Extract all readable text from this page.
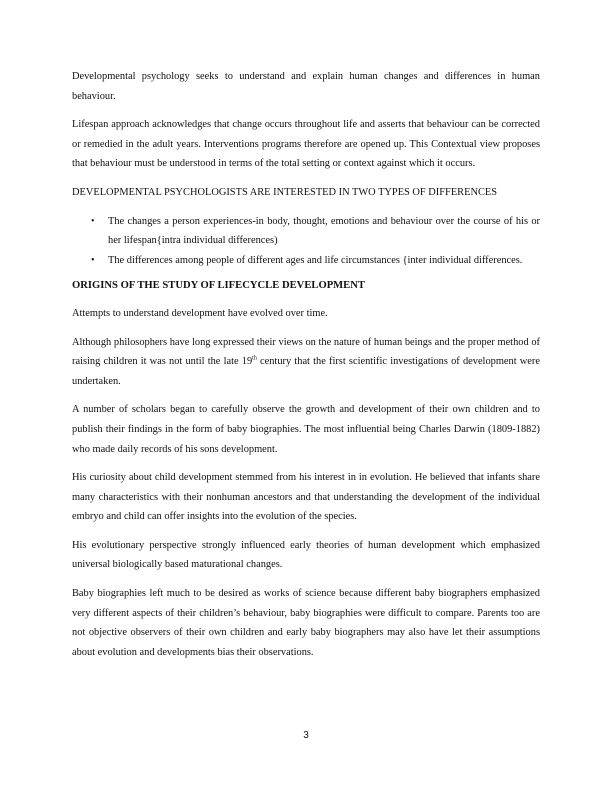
Developmental psychology seeks to understand and explain human changes and differences in human behaviour.

Lifespan approach acknowledges that change occurs throughout life and asserts that behaviour can be corrected or remedied in the adult years. Interventions programs therefore are opened up. This Contextual view proposes that behaviour must be understood in terms of the total setting or context against which it occurs.

DEVELOPMENTAL PSYCHOLOGISTS ARE INTERESTED IN TWO TYPES OF DIFFERENCES

• The changes a person experiences-in body, thought, emotions and behaviour over the course of his or her lifespan{intra individual differences)
• The differences among people of different ages and life circumstances {inter individual differences.

ORIGINS OF THE STUDY OF LIFECYCLE DEVELOPMENT

Attempts to understand development have evolved over time.

Although philosophers have long expressed their views on the nature of human beings and the proper method of raising children it was not until the late 19th century that the first scientific investigations of development were undertaken.

A number of scholars began to carefully observe the growth and development of their own children and to publish their findings in the form of baby biographies. The most influential being Charles Darwin (1809-1882) who made daily records of his sons development.

His curiosity about child development stemmed from his interest in in evolution. He believed that infants share many characteristics with their nonhuman ancestors and that understanding the development of the individual embryo and child can offer insights into the evolution of the species.

His evolutionary perspective strongly influenced early theories of human development which emphasized universal biologically based maturational changes.

Baby biographies left much to be desired as works of science because different baby biographers emphasized very different aspects of their children’s behaviour, baby biographies were difficult to compare. Parents too are not objective observers of their own children and early baby biographers may also have let their assumptions about evolution and developments bias their observations.

3
